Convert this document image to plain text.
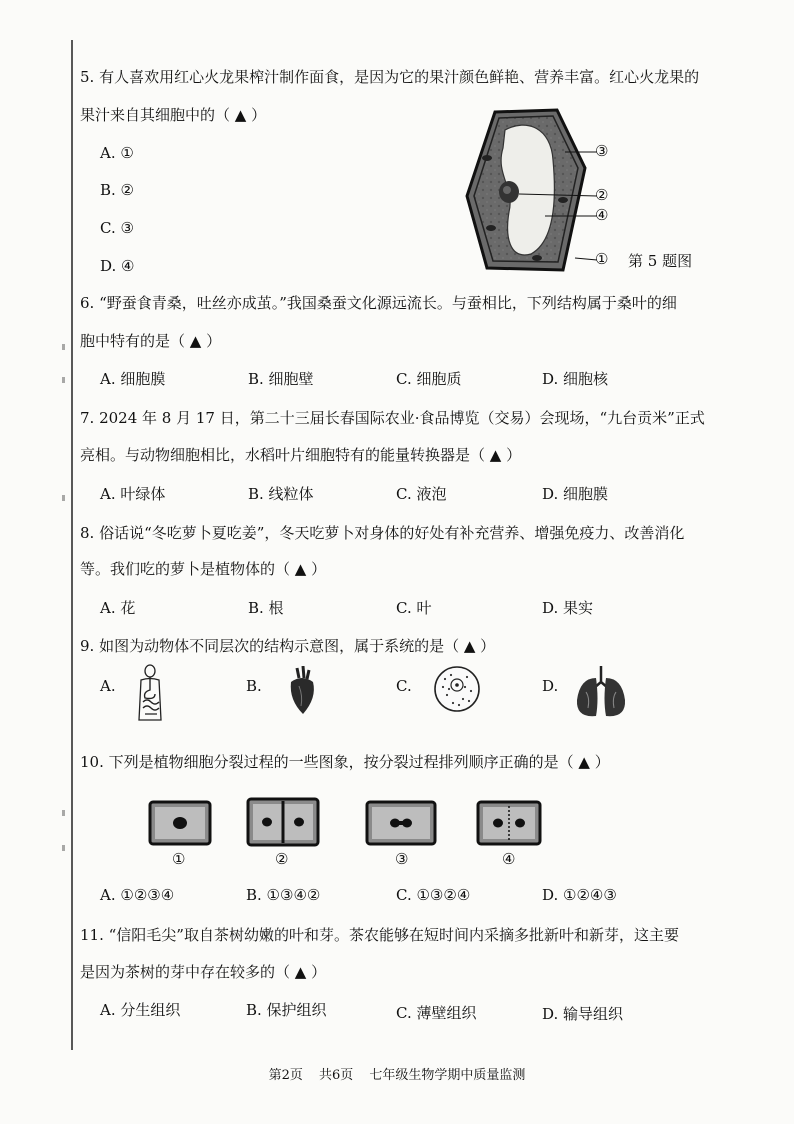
5. 有人喜欢用红心火龙果榨汁制作面食，是因为它的果汁颜色鲜艳、营养丰富。红心火龙果的
果汁来自其细胞中的（ ▲ ）
A. ①
B. ②
C. ③
D. ④
③
②
④
① 第 5 题图
6. “野蚕食青桑，吐丝亦成茧。”我国桑蚕文化源远流长。与蚕相比，下列结构属于桑叶的细
胞中特有的是（ ▲ ）
A. 细胞膜	B. 细胞壁	C. 细胞质	D. 细胞核
7. 2024 年 8 月 17 日，第二十三届长春国际农业·食品博览（交易）会现场，“九台贡米”正式
亮相。与动物细胞相比，水稻叶片细胞特有的能量转换器是（ ▲ ）
A. 叶绿体	B. 线粒体	C. 液泡	D. 细胞膜
8. 俗话说“冬吃萝卜夏吃姜”，冬天吃萝卜对身体的好处有补充营养、增强免疫力、改善消化
等。我们吃的萝卜是植物体的（ ▲ ）
A. 花	B. 根	C. 叶	D. 果实
9. 如图为动物体不同层次的结构示意图，属于系统的是（ ▲ ）
A.	B.	C.	D.
10. 下列是植物细胞分裂过程的一些图象，按分裂过程排列顺序正确的是（ ▲ ）
①	②	③	④
A. ①②③④	B. ①③④②	C. ①③②④	D. ①②④③
11. “信阳毛尖”取自茶树幼嫩的叶和芽。茶农能够在短时间内采摘多批新叶和新芽，这主要
是因为茶树的芽中存在较多的（ ▲ ）
A. 分生组织	B. 保护组织	C. 薄壁组织	D. 输导组织
第2页 共6页 七年级生物学期中质量监测
